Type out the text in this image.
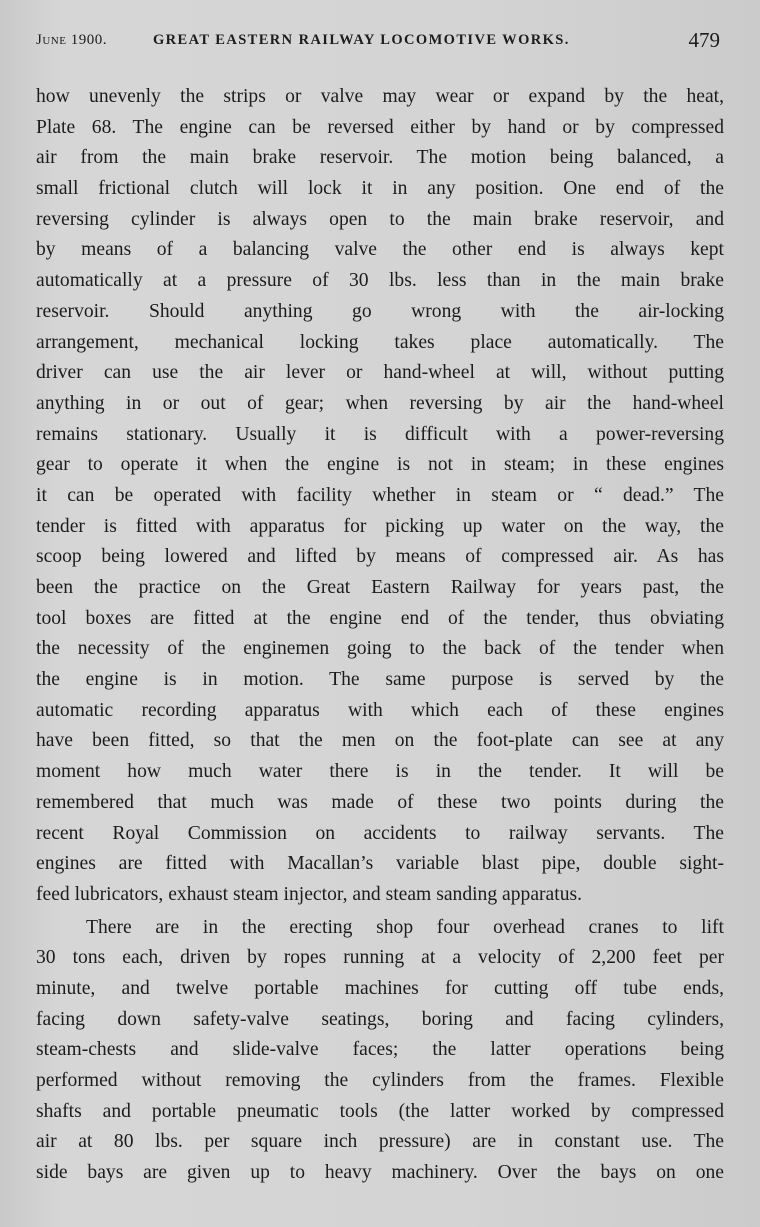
June 1900.	GREAT EASTERN RAILWAY LOCOMOTIVE WORKS.	479
how unevenly the strips or valve may wear or expand by the heat,
Plate 68. The engine can be reversed either by hand or by compressed
air from the main brake reservoir. The motion being balanced, a
small frictional clutch will lock it in any position. One end of the
reversing cylinder is always open to the main brake reservoir, and
by means of a balancing valve the other end is always kept
automatically at a pressure of 30 lbs. less than in the main brake
reservoir. Should anything go wrong with the air-locking
arrangement, mechanical locking takes place automatically. The
driver can use the air lever or hand-wheel at will, without putting
anything in or out of gear; when reversing by air the hand-wheel
remains stationary. Usually it is difficult with a power-reversing
gear to operate it when the engine is not in steam; in these engines
it can be operated with facility whether in steam or “ dead.” The
tender is fitted with apparatus for picking up water on the way, the
scoop being lowered and lifted by means of compressed air. As has
been the practice on the Great Eastern Railway for years past, the
tool boxes are fitted at the engine end of the tender, thus obviating
the necessity of the enginemen going to the back of the tender when
the engine is in motion. The same purpose is served by the
automatic recording apparatus with which each of these engines
have been fitted, so that the men on the foot-plate can see at any
moment how much water there is in the tender. It will be
remembered that much was made of these two points during the
recent Royal Commission on accidents to railway servants. The
engines are fitted with Macallan’s variable blast pipe, double sight-
feed lubricators, exhaust steam injector, and steam sanding apparatus.
There are in the erecting shop four overhead cranes to lift
30 tons each, driven by ropes running at a velocity of 2,200 feet per
minute, and twelve portable machines for cutting off tube ends,
facing down safety-valve seatings, boring and facing cylinders,
steam-chests and slide-valve faces; the latter operations being
performed without removing the cylinders from the frames. Flexible
shafts and portable pneumatic tools (the latter worked by compressed
air at 80 lbs. per square inch pressure) are in constant use. The
side bays are given up to heavy machinery. Over the bays on one
